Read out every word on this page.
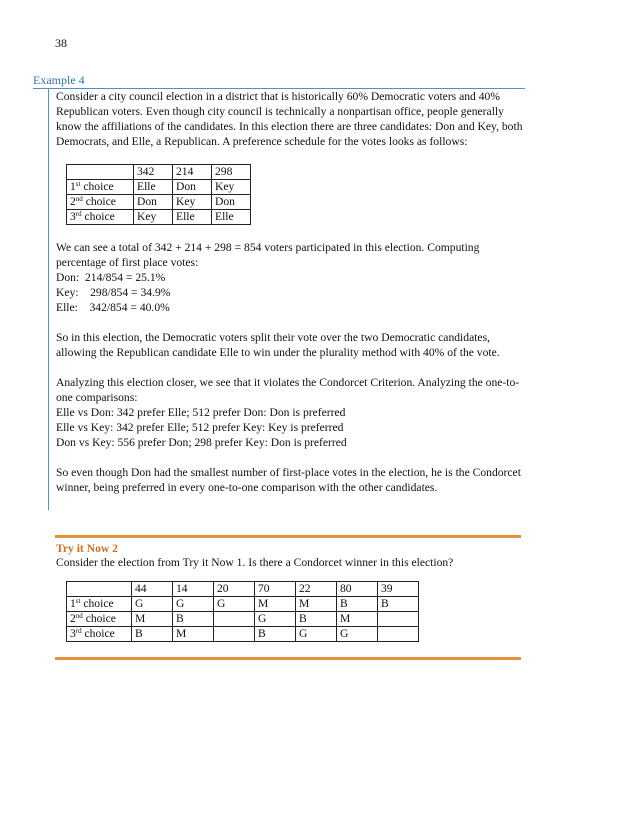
38
Example 4

Consider a city council election in a district that is historically 60% Democratic voters and 40% Republican voters. Even though city council is technically a nonpartisan office, people generally know the affiliations of the candidates. In this election there are three candidates: Don and Key, both Democrats, and Elle, a Republican. A preference schedule for the votes looks as follows:

	342	214	298
1st choice	Elle	Don	Key
2nd choice	Don	Key	Don
3rd choice	Key	Elle	Elle

We can see a total of 342 + 214 + 298 = 854 voters participated in this election. Computing percentage of first place votes:

Don:  214/854 = 25.1%

Key:    298/854 = 34.9%

Elle:    342/854 = 40.0%

So in this election, the Democratic voters split their vote over the two Democratic candidates, allowing the Republican candidate Elle to win under the plurality method with 40% of the vote.

Analyzing this election closer, we see that it violates the Condorcet Criterion. Analyzing the one-to-one comparisons:

Elle vs Don: 342 prefer Elle; 512 prefer Don: Don is preferred

Elle vs Key: 342 prefer Elle; 512 prefer Key: Key is preferred

Don vs Key: 556 prefer Don; 298 prefer Key: Don is preferred

So even though Don had the smallest number of first-place votes in the election, he is the Condorcet winner, being preferred in every one-to-one comparison with the other candidates.

Try it Now 2
Consider the election from Try it Now 1. Is there a Condorcet winner in this election?
	44	14	20	70	22	80	39
1st choice	G	G	G	M	M	B	B
2nd choice	M	B		G	B	M	
3rd choice	B	M		B	G	G	
